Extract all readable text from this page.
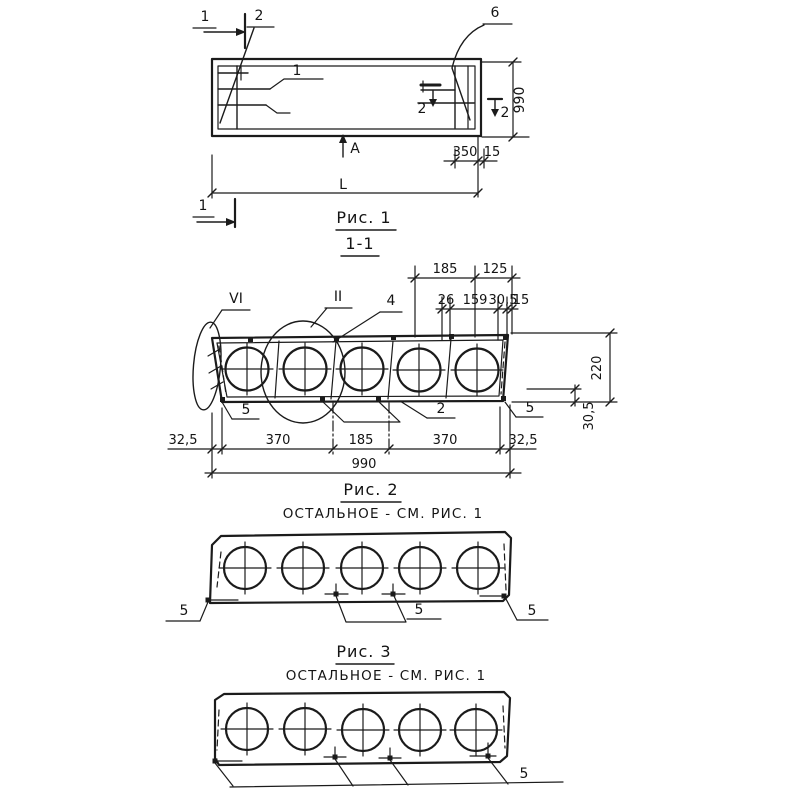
1
2	6
1
1
2	2
А
990
350 15
L
Рис. 1
1-1
VI	II	4
185 125
26 159 30,5
15
220
30,5
5	2	5
32,5	370	185	370	32,5
990
Рис. 2
ОСТАЛЬНОЕ - СМ. РИС. 1
5	5	5
Рис. 3
ОСТАЛЬНОЕ - СМ. РИС. 1
5
